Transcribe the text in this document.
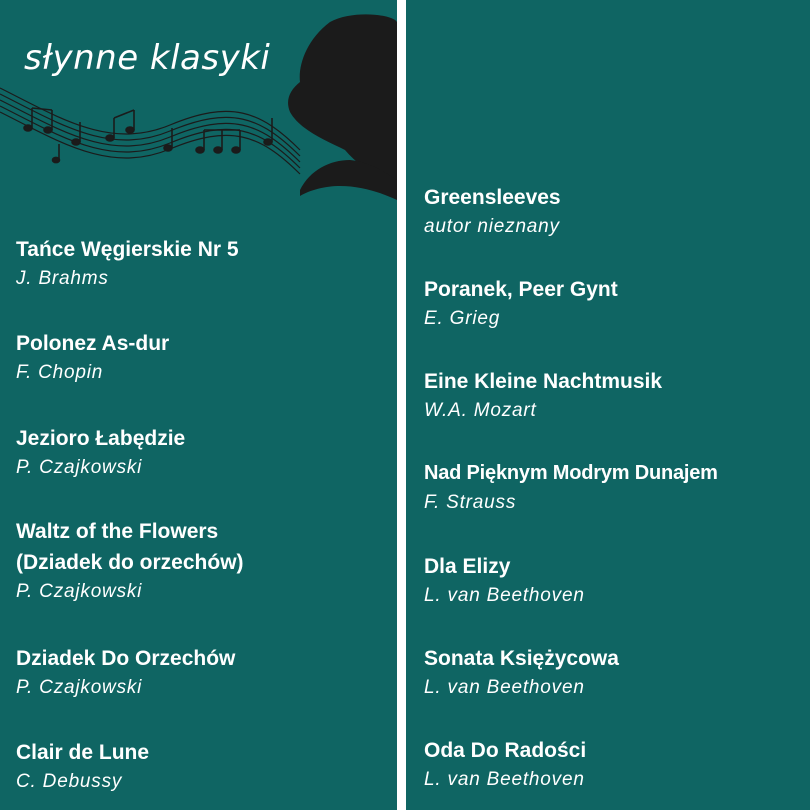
słynne klasyki
Tańce Węgierskie Nr 5
J. Brahms
Polonez As-dur
F. Chopin
Jezioro Łabędzie
P. Czajkowski
Waltz of the Flowers
(Dziadek do orzechów)
P. Czajkowski
Dziadek Do Orzechów
P. Czajkowski
Clair de Lune
C. Debussy
Greensleeves
autor nieznany
Poranek, Peer Gynt
E. Grieg
Eine Kleine Nachtmusik
W.A. Mozart
Nad Pięknym Modrym Dunajem
F. Strauss
Dla Elizy
L. van Beethoven
Sonata Księżycowa
L. van Beethoven
Oda Do Radości
L. van Beethoven
